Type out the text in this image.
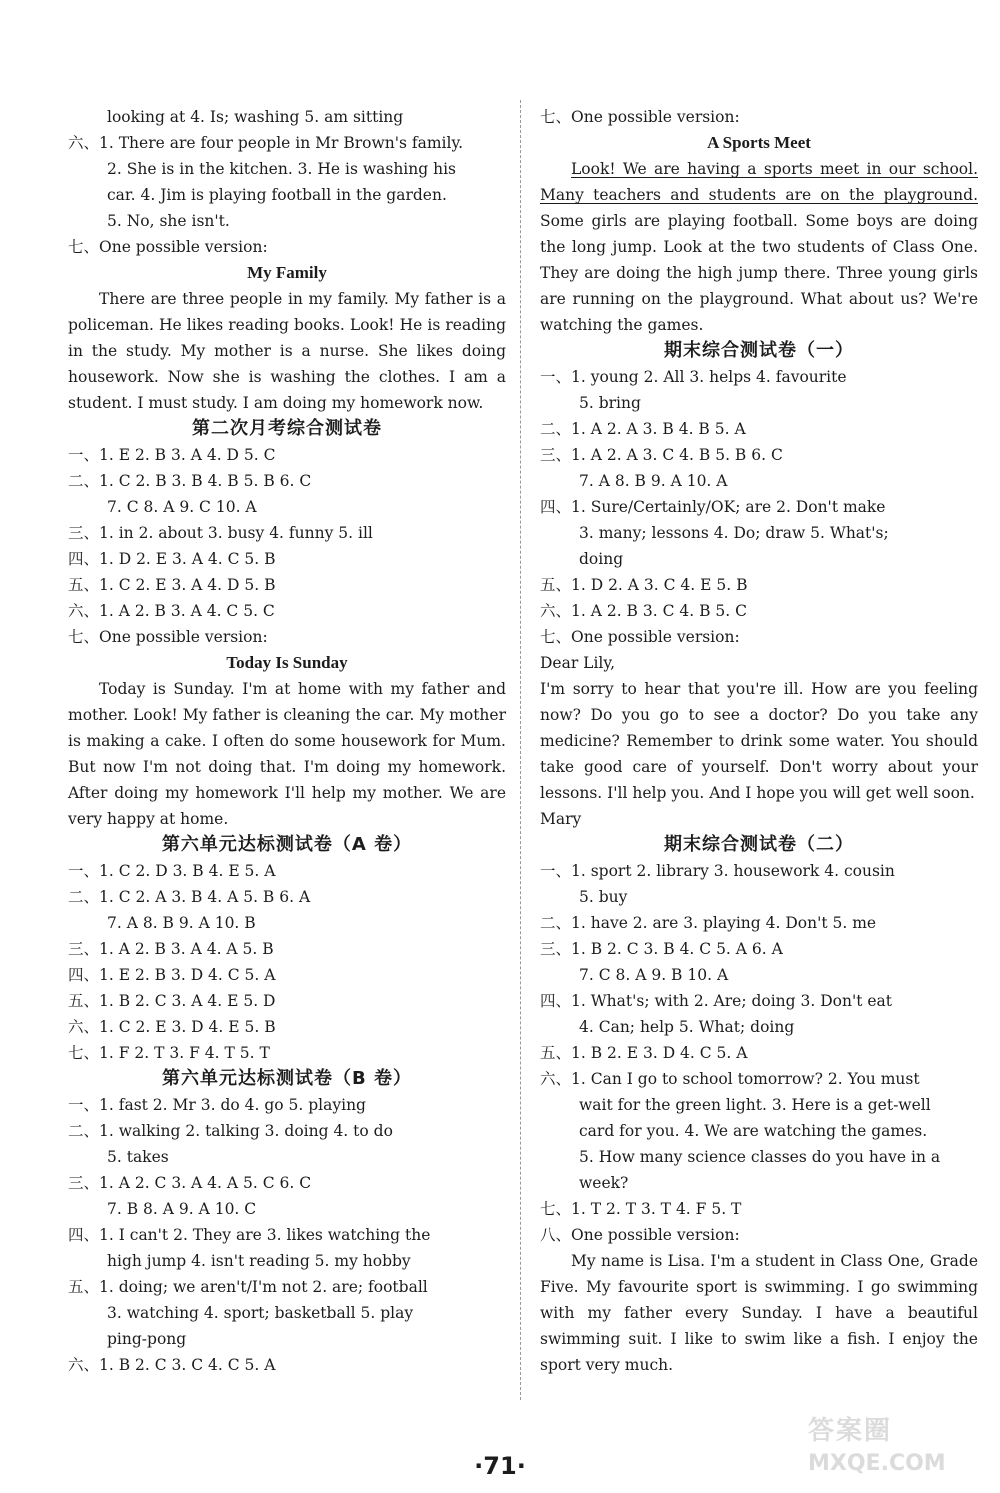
looking at 4. Is; washing 5. am sitting
六、1. There are four people in Mr Brown's family.
2. She is in the kitchen. 3. He is washing his
car. 4. Jim is playing football in the garden.
5. No, she isn't.
七、One possible version:
My Family
There are three people in my family. My father is a policeman. He likes reading books. Look! He is reading in the study. My mother is a nurse. She likes doing housework. Now she is washing the clothes. I am a student. I must study. I am doing my homework now.
第二次月考综合测试卷
一、1. E 2. B 3. A 4. D 5. C
二、1. C 2. B 3. B 4. B 5. B 6. C
7. C 8. A 9. C 10. A
三、1. in 2. about 3. busy 4. funny 5. ill
四、1. D 2. E 3. A 4. C 5. B
五、1. C 2. E 3. A 4. D 5. B
六、1. A 2. B 3. A 4. C 5. C
七、One possible version:
Today Is Sunday
Today is Sunday. I'm at home with my father and mother. Look! My father is cleaning the car. My mother is making a cake. I often do some housework for Mum. But now I'm not doing that. I'm doing my homework. After doing my homework I'll help my mother. We are very happy at home.
第六单元达标测试卷（A 卷）
一、1. C 2. D 3. B 4. E 5. A
二、1. C 2. A 3. B 4. A 5. B 6. A
7. A 8. B 9. A 10. B
三、1. A 2. B 3. A 4. A 5. B
四、1. E 2. B 3. D 4. C 5. A
五、1. B 2. C 3. A 4. E 5. D
六、1. C 2. E 3. D 4. E 5. B
七、1. F 2. T 3. F 4. T 5. T
第六单元达标测试卷（B 卷）
一、1. fast 2. Mr 3. do 4. go 5. playing
二、1. walking 2. talking 3. doing 4. to do
5. takes
三、1. A 2. C 3. A 4. A 5. C 6. C
7. B 8. A 9. A 10. C
四、1. I can't 2. They are 3. likes watching the
high jump 4. isn't reading 5. my hobby
五、1. doing; we aren't/I'm not 2. are; football
3. watching 4. sport; basketball 5. play
ping-pong
六、1. B 2. C 3. C 4. C 5. A
七、One possible version:
A Sports Meet
Look! We are having a sports meet in our school. Many teachers and students are on the playground. Some girls are playing football. Some boys are doing the long jump. Look at the two students of Class One. They are doing the high jump there. Three young girls are running on the playground. What about us? We're watching the games.
期末综合测试卷（一）
一、1. young 2. All 3. helps 4. favourite
5. bring
二、1. A 2. A 3. B 4. B 5. A
三、1. A 2. A 3. C 4. B 5. B 6. C
7. A 8. B 9. A 10. A
四、1. Sure/Certainly/OK; are 2. Don't make
3. many; lessons 4. Do; draw 5. What's;
doing
五、1. D 2. A 3. C 4. E 5. B
六、1. A 2. B 3. C 4. B 5. C
七、One possible version:
Dear Lily,
I'm sorry to hear that you're ill. How are you feeling now? Do you go to see a doctor? Do you take any medicine? Remember to drink some water. You should take good care of yourself. Don't worry about your lessons. I'll help you. And I hope you will get well soon.
Mary
期末综合测试卷（二）
一、1. sport 2. library 3. housework 4. cousin
5. buy
二、1. have 2. are 3. playing 4. Don't 5. me
三、1. B 2. C 3. B 4. C 5. A 6. A
7. C 8. A 9. B 10. A
四、1. What's; with 2. Are; doing 3. Don't eat
4. Can; help 5. What; doing
五、1. B 2. E 3. D 4. C 5. A
六、1. Can I go to school tomorrow? 2. You must
wait for the green light. 3. Here is a get-well
card for you. 4. We are watching the games.
5. How many science classes do you have in a
week?
七、1. T 2. T 3. T 4. F 5. T
八、One possible version:
My name is Lisa. I'm a student in Class One, Grade Five. My favourite sport is swimming. I go swimming with my father every Sunday. I have a beautiful swimming suit. I like to swim like a fish. I enjoy the sport very much.
·71·
答案圈
MXQE.COM
